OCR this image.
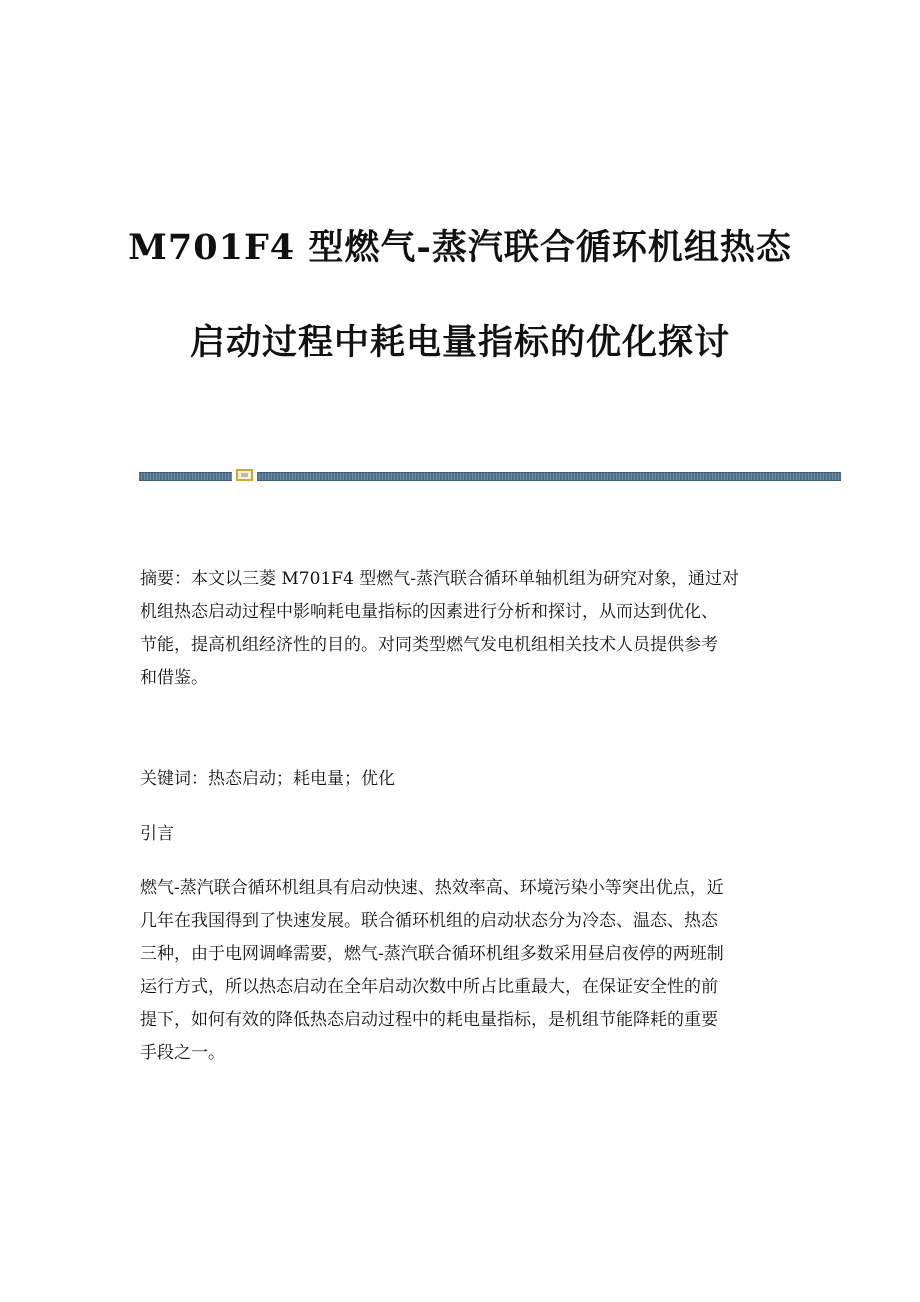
M701F4 型燃气-蒸汽联合循环机组热态
启动过程中耗电量指标的优化探讨

摘要：本文以三菱 M701F4 型燃气-蒸汽联合循环单轴机组为研究对象，通过对
机组热态启动过程中影响耗电量指标的因素进行分析和探讨，从而达到优化、
节能，提高机组经济性的目的。对同类型燃气发电机组相关技术人员提供参考
和借鉴。

关键词：热态启动；耗电量；优化

引言

燃气-蒸汽联合循环机组具有启动快速、热效率高、环境污染小等突出优点，近
几年在我国得到了快速发展。联合循环机组的启动状态分为冷态、温态、热态
三种，由于电网调峰需要，燃气-蒸汽联合循环机组多数采用昼启夜停的两班制
运行方式，所以热态启动在全年启动次数中所占比重最大，在保证安全性的前
提下，如何有效的降低热态启动过程中的耗电量指标，是机组节能降耗的重要
手段之一。
